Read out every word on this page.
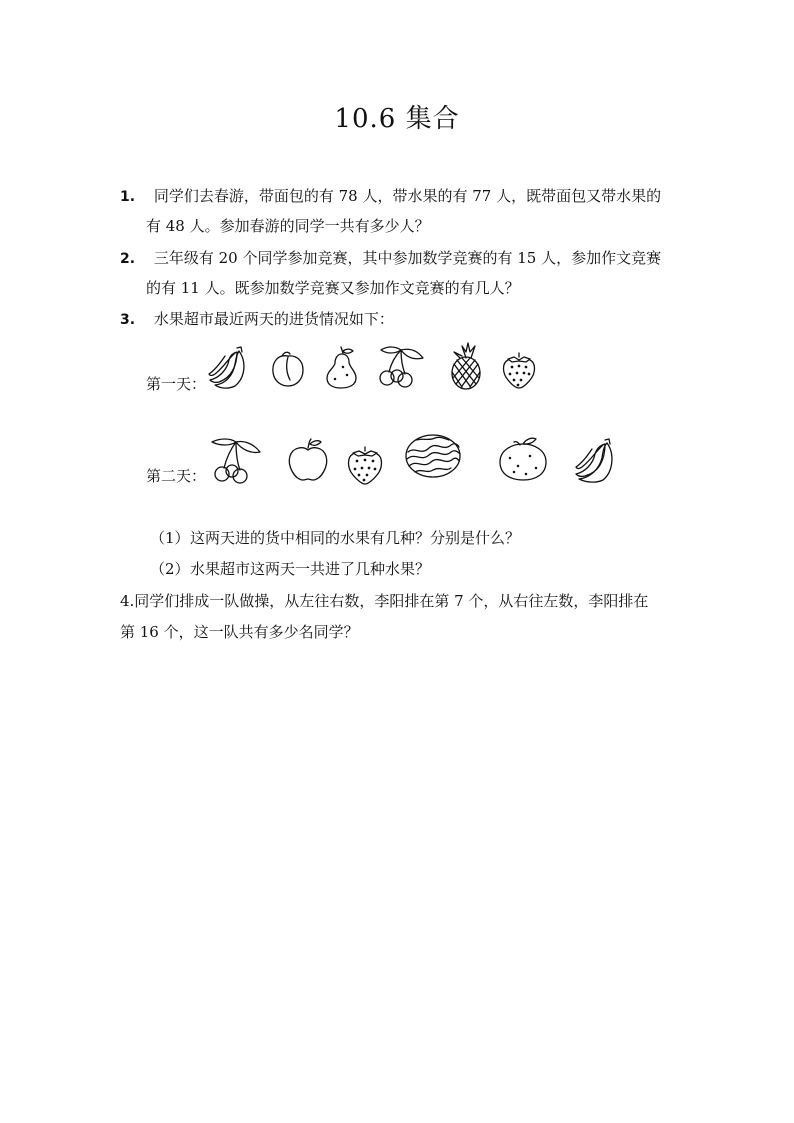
10.6 集合
1. 同学们去春游，带面包的有 78 人，带水果的有 77 人，既带面包又带水果的
有 48 人。参加春游的同学一共有多少人？
2. 三年级有 20 个同学参加竞赛，其中参加数学竞赛的有 15 人，参加作文竞赛
的有 11 人。既参加数学竞赛又参加作文竞赛的有几人？
3. 水果超市最近两天的进货情况如下：
第一天：
第二天：
（1）这两天进的货中相同的水果有几种？分别是什么？
（2）水果超市这两天一共进了几种水果？
4.同学们排成一队做操，从左往右数，李阳排在第 7 个，从右往左数，李阳排在
第 16 个，这一队共有多少名同学？
